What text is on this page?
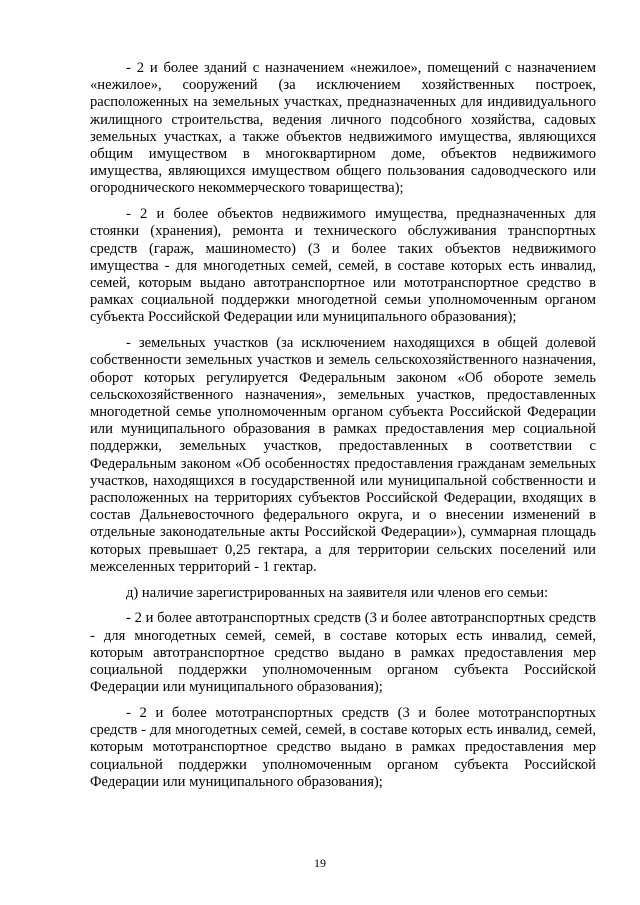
- 2 и более зданий с назначением «нежилое», помещений с назначением «нежилое», сооружений (за исключением хозяйственных построек, расположенных на земельных участках, предназначенных для индивидуального жилищного строительства, ведения личного подсобного хозяйства, садовых земельных участках, а также объектов недвижимого имущества, являющихся общим имуществом в многоквартирном доме, объектов недвижимого имущества, являющихся имуществом общего пользования садоводческого или огороднического некоммерческого товарищества);

- 2 и более объектов недвижимого имущества, предназначенных для стоянки (хранения), ремонта и технического обслуживания транспортных средств (гараж, машиноместо) (3 и более таких объектов недвижимого имущества - для многодетных семей, семей, в составе которых есть инвалид, семей, которым выдано автотранспортное или мототранспортное средство в рамках социальной поддержки многодетной семьи уполномоченным органом субъекта Российской Федерации или муниципального образования);

- земельных участков (за исключением находящихся в общей долевой собственности земельных участков и земель сельскохозяйственного назначения, оборот которых регулируется Федеральным законом «Об обороте земель сельскохозяйственного назначения», земельных участков, предоставленных многодетной семье уполномоченным органом субъекта Российской Федерации или муниципального образования в рамках предоставления мер социальной поддержки, земельных участков, предоставленных в соответствии с Федеральным законом «Об особенностях предоставления гражданам земельных участков, находящихся в государственной или муниципальной собственности и расположенных на территориях субъектов Российской Федерации, входящих в состав Дальневосточного федерального округа, и о внесении изменений в отдельные законодательные акты Российской Федерации»), суммарная площадь которых превышает 0,25 гектара, а для территории сельских поселений или межселенных территорий - 1 гектар.

д) наличие зарегистрированных на заявителя или членов его семьи:

- 2 и более автотранспортных средств (3 и более автотранспортных средств - для многодетных семей, семей, в составе которых есть инвалид, семей, которым автотранспортное средство выдано в рамках предоставления мер социальной поддержки уполномоченным органом субъекта Российской Федерации или муниципального образования);

- 2 и более мототранспортных средств (3 и более мототранспортных средств - для многодетных семей, семей, в составе которых есть инвалид, семей, которым мототранспортное средство выдано в рамках предоставления мер социальной поддержки уполномоченным органом субъекта Российской Федерации или муниципального образования);

19
